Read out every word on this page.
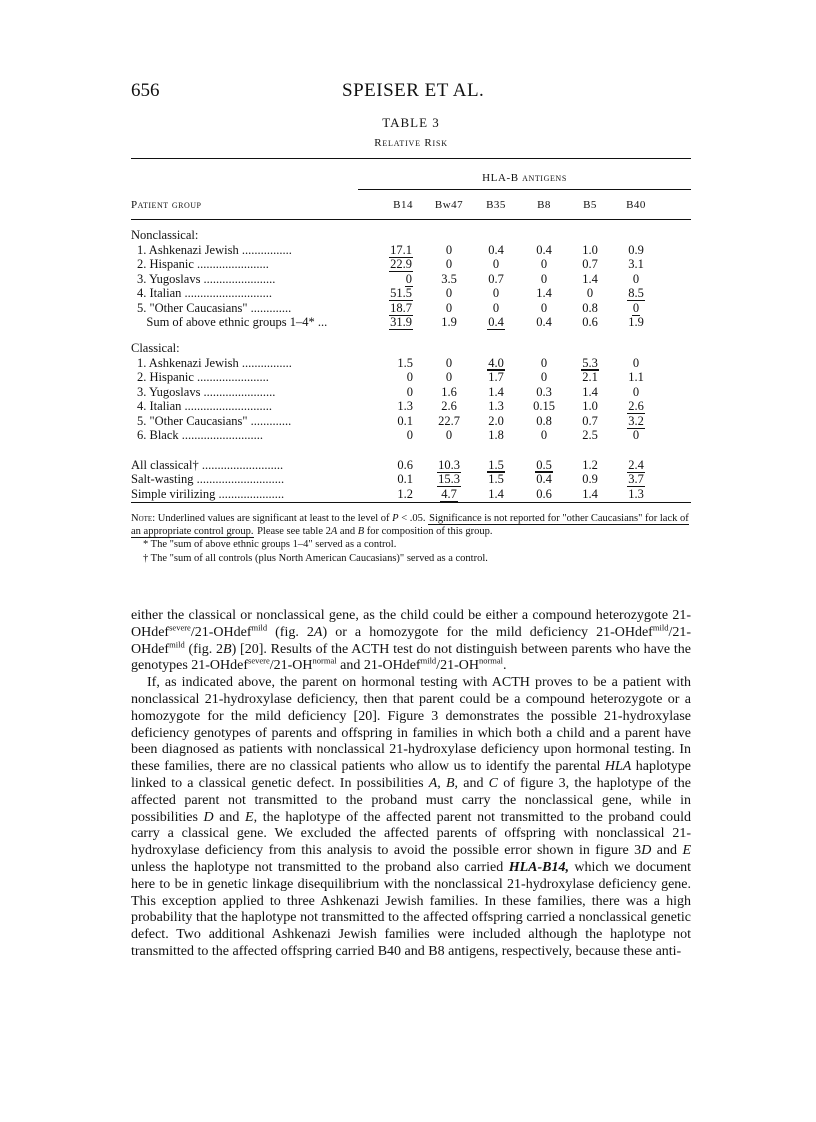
656	SPEISER ET AL.
TABLE 3
Relative Risk
HLA-B antigens
Patient group	B14	Bw47	B35	B8	B5	B40
Nonclassical:
1. Ashkenazi Jewish ................	17.1	0	0.4	0.4	1.0	0.9
2. Hispanic .......................	22.9	0	0	0	0.7	3.1
3. Yugoslavs .......................	0	3.5	0.7	0	1.4	0
4. Italian ............................	51.5	0	0	1.4	0	8.5
5. "Other Caucasians" .............	18.7	0	0	0	0.8	0
Sum of above ethnic groups 1–4* ...	31.9	1.9	0.4	0.4	0.6	1.9
Classical:
1. Ashkenazi Jewish ................	1.5	0	4.0	0	5.3	0
2. Hispanic .......................	0	0	1.7	0	2.1	1.1
3. Yugoslavs .......................	0	1.6	1.4	0.3	1.4	0
4. Italian ............................	1.3	2.6	1.3	0.15	1.0	2.6
5. "Other Caucasians" .............	0.1	22.7	2.0	0.8	0.7	3.2
6. Black ..........................	0	0	1.8	0	2.5	0
All classical† ..........................	0.6	10.3	1.5	0.5	1.2	2.4
Salt-wasting ............................	0.1	15.3	1.5	0.4	0.9	3.7
Simple virilizing .....................	1.2	4.7	1.4	0.6	1.4	1.3
Note: Underlined values are significant at least to the level of P < .05. Significance is not reported for "other Caucasians" for lack of an appropriate control group. Please see table 2A and B for composition of this group.
* The "sum of above ethnic groups 1–4" served as a control.
† The "sum of all controls (plus North American Caucasians)" served as a control.

either the classical or nonclassical gene, as the child could be either a compound heterozygote 21-OHdef$^{severe}$/21-OHdef$^{mild}$ (fig. 2A) or a homozygote for the mild deficiency 21-OHdef$^{mild}$/21-OHdef$^{mild}$ (fig. 2B) [20]. Results of the ACTH test do not distinguish between parents who have the genotypes $21-OHdef^{severe}/21-OH^{normal}$ and $21-OHdef^{mild}/21-OH^{normal}$.

If, as indicated above, the parent on hormonal testing with ACTH proves to be a patient with nonclassical 21-hydroxylase deficiency, then that parent could be a compound heterozygote or a homozygote for the mild deficiency [20]. Figure 3 demonstrates the possible 21-hydroxylase deficiency genotypes of parents and offspring in families in which both a child and a parent have been diagnosed as patients with nonclassical 21-hydroxylase deficiency upon hormonal testing. In these families, there are no classical patients who allow us to identify the parental HLA haplotype linked to a classical genetic defect. In possibilities A, B, and C of figure 3, the haplotype of the affected parent not transmitted to the proband must carry the nonclassical gene, while in possibilities D and E, the haplotype of the affected parent not transmitted to the proband could carry a classical gene. We excluded the affected parents of offspring with nonclassical 21-hydroxylase deficiency from this analysis to avoid the possible error shown in figure 3D and E unless the haplotype not transmitted to the proband also carried HLA-B14, which we document here to be in genetic linkage disequilibrium with the nonclassical 21-hydroxylase deficiency gene. This exception applied to three Ashkenazi Jewish families. In these families, there was a high probability that the haplotype not transmitted to the affected offspring carried a nonclassical genetic defect. Two additional Ashkenazi Jewish families were included although the haplotype not transmitted to the affected offspring carried B40 and B8 antigens, respectively, because these anti-
